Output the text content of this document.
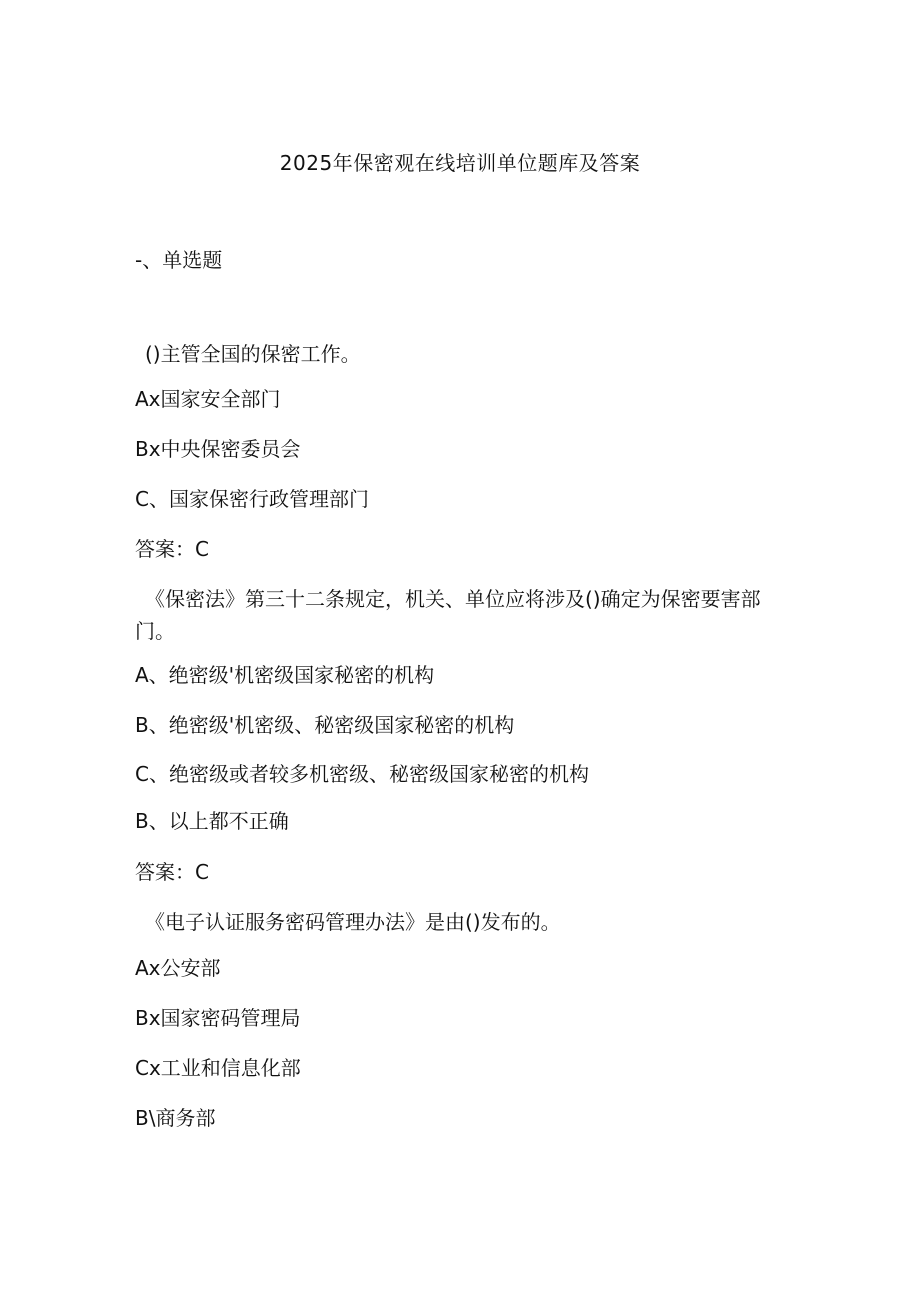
2025年保密观在线培训单位题库及答案
-、单选题
()主管全国的保密工作。
Ax国家安全部门
Bx中央保密委员会
C、国家保密行政管理部门
答案：C
《保密法》第三十二条规定，机关、单位应将涉及()确定为保密要害部门。
A、绝密级'机密级国家秘密的机构
B、绝密级'机密级、秘密级国家秘密的机构
C、绝密级或者较多机密级、秘密级国家秘密的机构
B、以上都不正确
答案：C
《电子认证服务密码管理办法》是由()发布的。
Ax公安部
Bx国家密码管理局
Cx工业和信息化部
B\商务部
